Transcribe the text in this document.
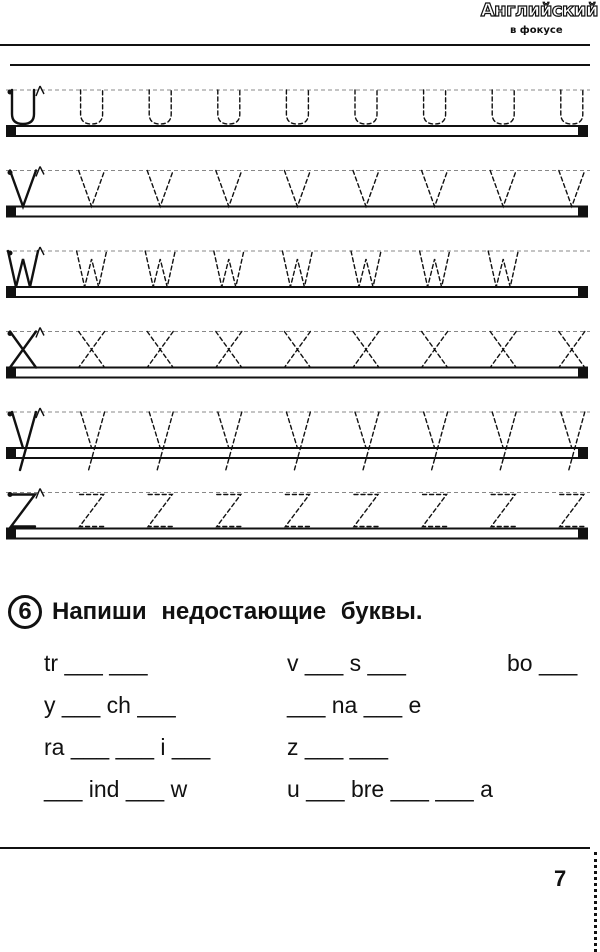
Английский
в фокусе
6 Напиши недостающие буквы.
tr ___ ___	v ___ s ___	bo ___
y ___ ch ___	___ na ___ e
ra ___ ___ i ___	z ___ ___
___ ind ___ w	u ___ bre ___ ___ a
7
